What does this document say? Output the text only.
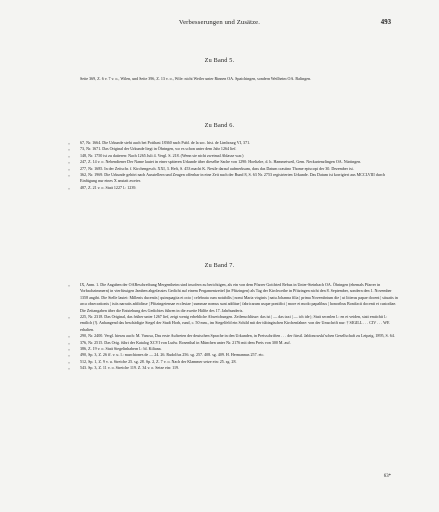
Verbesserungen und Zusätze.	493
Zu Band 5.

Seite 369, Z. 6 v. 7 v. o., Wilen, und Seite 396, Z. 13 v. o., Wile: nicht Weiler unter Rinnen OA. Spaichingen, sondern Weilheim OA. Balingen.

Zu Band 6.

„	67, Nr. 1664. Die Urkunde steht auch bei Potthast 18360 nach Publ. de la soc. hist. de Limbourg VI, 371.

„	73, Nr. 1671. Das Original der Urkunde liegt in Öhringen, wo es schon unter dem Jahr 1264 lief.

„	148, Nr. 1750 ist zu datieren: Nach 1265 Juli 4. Vergl. S. 218. (Wenn sie nicht zweimal Ablasse war.)

„	247, Z. 14 v. o. Nebendiener Der Name lautet in einer späteren Urkunde über dieselbe Sache von 1290: Hoeltzlre, d. h. Hammetweil, Gem. Neckartenzlingen OA. Nürtingen.

„	277, Nr. 1685. In der Zeitschr. f. Kirchengesch. XXI, 3. Heft, S. 453 macht K. Nestle darauf aufmerksam, dass das Datum crastino Thome episcopi der 30. Dezember ist.

„	362, Nr. 1969. Die Urkunde gehört nach Ausstellern und Zeugen offenbar in eine Zeit nach der Bund 8, S. 63 Nr. 2753 registrierten Urkunde. Das Datum ist korrigiert aus MCCLVIII durch Einfügung nur eines X anstatt zweier.

„	487, Z. 21 v. o. Statt 1227 l.: 1239.

Zu Band 7.

„	IX, Anm. 1. Die Angaben der OABeschreibung Mergentheim sind insofern zu berichtigen, als ein von dem Pfarrer Gottfried Rebus in Unter-Steinbach OA. Öhringen (ehemals Pfarrer in Vorbachzimmern) in vierfüssigen Jamben abgefasstes Gedicht auf einem Pergamentzettel (in Pfitzingen) als Tag der Kirchweihe in Pfitzingen nicht den 8. September, sondern den 1. November 1358 angibt. Die Stelle lautet: Millenis ducentis | quinquagita et octo | celebrata cum notabilis | nomi Maria virginis | natu Johanna filia | prima Novembrium die | ut litteras papae docent | situatis in arca obsecrationis | istis narratis addidisse | Pfitzingeiensae ecclesiae | summae nomus sunt additae | fabricarum usque pontifici | more et modo papalibus | honoribus Bonifacii docenti et custodiae. Die Zeitangaben über die Entstehung des Gedichtes führen in die zweite Hälfte des 17. Jahrhunderts.

„	225, Nr. 2318. Das Original, das früher unter 1267 lief, zeigt wenig erhebliche Abweichungen. Zeilenschlüsse: das ist | — das taxi | — ich ide |; Statt secmlen l.: en et veiden, statt emtichit l.: emtlich (!). Anhangend das beschädigte Siegel der Stadt Horb, rund, c. 50 mm., im Siegelfeld ein Schild mit der tübingischen Kirchenfahne: von der Umschrift nur: † SIGILL . . . CIV . . . WE erhalten.

„	290, Nr. 2400. Vergl. hierzu auch: M. Vancsa, Das erste Auftreten der deutschen Sprache in den Urkunden, in Preisschriften . . . der fürstl. Jablonowski'schen Gesellschaft zu Leipzig, 1895, S. 64.

„	376, Nr. 2515. Das Orig. führt der Katalog XCVI von Ludw. Rosenthal in München unter Nr. 2176 mit dem Preis von 300 M. auf.

„	386, Z. 19 v. o. Statt Siegelinhabern l.: bl. Kiliana.

„	490, Sp. 3, Z. 26 ff. v. u. l.: marchiones de — 24. 26. Rudolfus 256. sg. 257. 408. sg. 409. H. Hermannus 257. etc.

„	512, Sp. 1, Z. 9 v. u. Streiche 25. sg. 28. Sp. 2, Z. 7 v. o. Nach der Klammer setze ein: 25. sg. 28.

„	543. Sp. 3, Z. 11 v. o. Streiche 119. Z. 34 v. o. Setze ein: 119.

63*
